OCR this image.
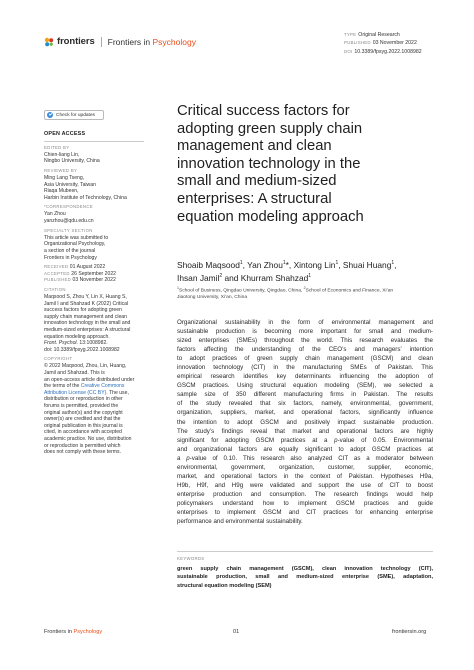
frontiers Frontiers in Psychology
TYPE Original Research
PUBLISHED 03 November 2022
DOI 10.3389/fpsyg.2022.1008982
Check for updates
OPEN ACCESS
EDITED BY
Chien-liang Lin,
Ningbo University, China
REVIEWED BY
Ming Lang Tseng,
Asia University, Taiwan
Riaqa Mubeen,
Harbin Institute of Technology, China
*CORRESPONDENCE
Yan Zhou
yanzhou@qdu.edu.cn
SPECIALTY SECTION
This article was submitted to
Organizational Psychology,
a section of the journal
Frontiers in Psychology
RECEIVED 01 August 2022
ACCEPTED 26 September 2022
PUBLISHED 03 November 2022
CITATION
Maqsood S, Zhou Y, Lin X, Huang S,
Jamil I and Shahzad K (2022) Critical
success factors for adopting green
supply chain management and clean
innovation technology in the small and
medium-sized enterprises: A structural
equation modeling approach.
Front. Psychol. 13:1008982.
doi: 10.3389/fpsyg.2022.1008982
COPYRIGHT
© 2022 Maqsood, Zhou, Lin, Huang,
Jamil and Shahzad. This is
an open-access article distributed under
the terms of the Creative Commons
Attribution License (CC BY). The use,
distribution or reproduction in other
forums is permitted, provided the
original author(s) and the copyright
owner(s) are credited and that the
original publication in this journal is
cited, in accordance with accepted
academic practice. No use, distribution
or reproduction is permitted which
does not comply with these terms.
Critical success factors for
adopting green supply chain
management and clean
innovation technology in the
small and medium-sized
enterprises: A structural
equation modeling approach
Shoaib Maqsood$^1$, Yan Zhou$^1$*, Xintong Lin$^1$, Shuai Huang$^1$,
Ihsan Jamil$^2$ and Khurram Shahzad$^1$
$^1$School of Business, Qingdao University, Qingdao, China, $^2$School of Economics and Finance, Xi’an
Jiaotong University, Xi’an, China
Organizational sustainability in the form of environmental management and
sustainable production is becoming more important for small and medium-
sized enterprises (SMEs) throughout the world. This research evaluates the
factors affecting the understanding of the CEO’s and managers’ intention
to adopt practices of green supply chain management (GSCM) and clean
innovation technology (CIT) in the manufacturing SMEs of Pakistan. This
empirical research identifies key determinants influencing the adoption of
GSCM practices. Using structural equation modeling (SEM), we selected a
sample size of 350 different manufacturing firms in Pakistan. The results
of the study revealed that six factors, namely, environmental, government,
organization, suppliers, market, and operational factors, significantly influence
the intention to adopt GSCM and positively impact sustainable production.
The study’s findings reveal that market and operational factors are highly
significant for adopting GSCM practices at a p-value of 0.05. Environmental
and organizational factors are equally significant to adopt GSCM practices at
a p-value of 0.10. This research also analyzed CIT as a moderator between
environmental, government, organization, customer, supplier, economic,
market, and operational factors in the context of Pakistan. Hypotheses H9a,
H9b, H9f, and H9g were validated and support the use of CIT to boost
enterprise production and consumption. The research findings would help
policymakers understand how to implement GSCM practices and guide
enterprises to implement GSCM and CIT practices for enhancing enterprise
performance and environmental sustainability.
KEYWORDS
green supply chain management (GSCM), clean innovation technology (CIT),
sustainable production, small and medium-sized enterprise (SME), adaptation,
structural equation modeling (SEM)
Frontiers in Psychology	01	frontiersin.org
